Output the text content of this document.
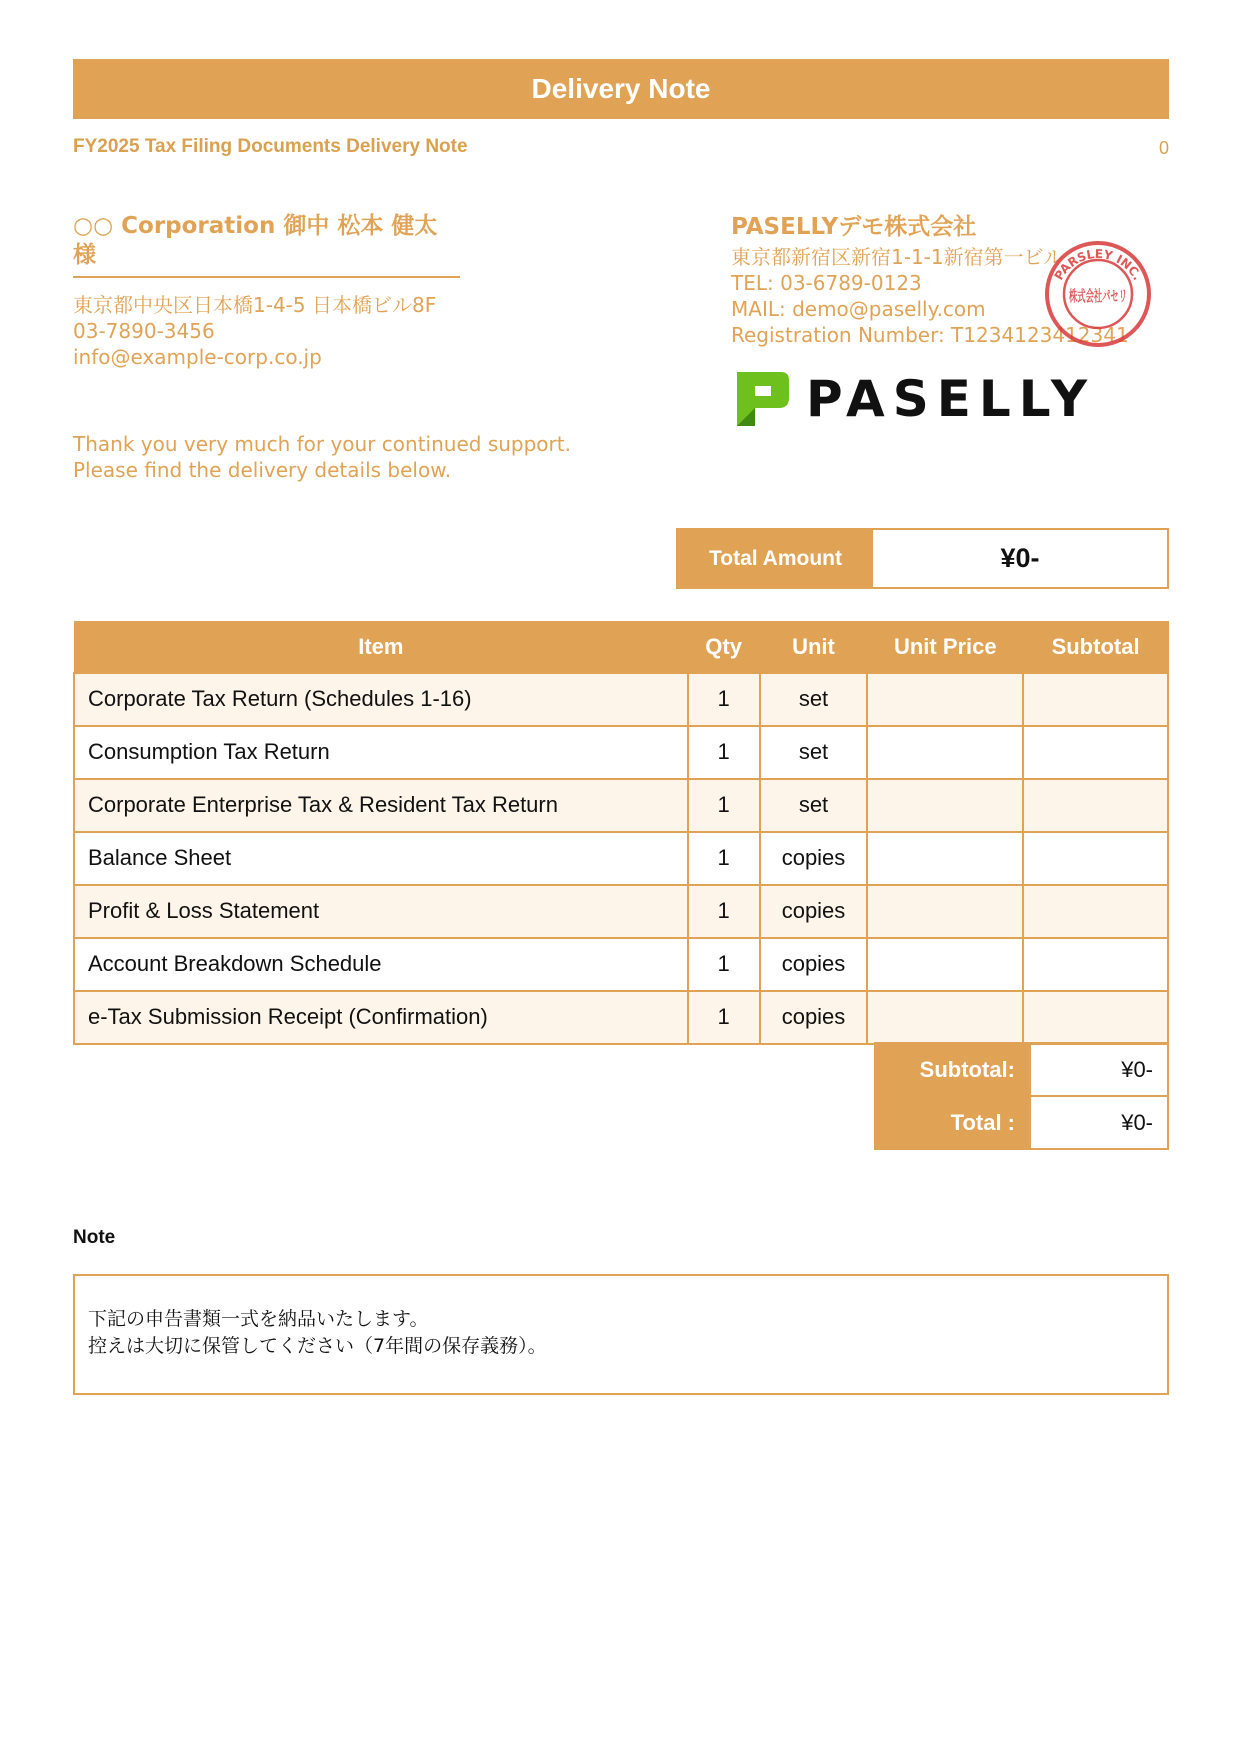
Delivery Note
FY2025 Tax Filing Documents Delivery Note	0
○○ Corporation 御中 松本 健太 様
東京都中央区日本橋1-4-5 日本橋ビル8F
03-7890-3456
info@example-corp.co.jp
Thank you very much for your continued support.
Please find the delivery details below.
PASELLYデモ株式会社
東京都新宿区新宿1-1-1新宿第一ビル
TEL: 03-6789-0123
MAIL: demo@paselly.com
Registration Number: T1234123412341
PARSLEY INC.
株式会社パセリ
PASELLY
Total Amount	¥0-
Item	Qty	Unit	Unit Price	Subtotal
Corporate Tax Return (Schedules 1-16)	1	set		
Consumption Tax Return	1	set		
Corporate Enterprise Tax & Resident Tax Return	1	set		
Balance Sheet	1	copies		
Profit & Loss Statement	1	copies		
Account Breakdown Schedule	1	copies		
e-Tax Submission Receipt (Confirmation)	1	copies		
Subtotal:	¥0-
Total :	¥0-
Note
下記の申告書類一式を納品いたします。
控えは大切に保管してください（7年間の保存義務）。
